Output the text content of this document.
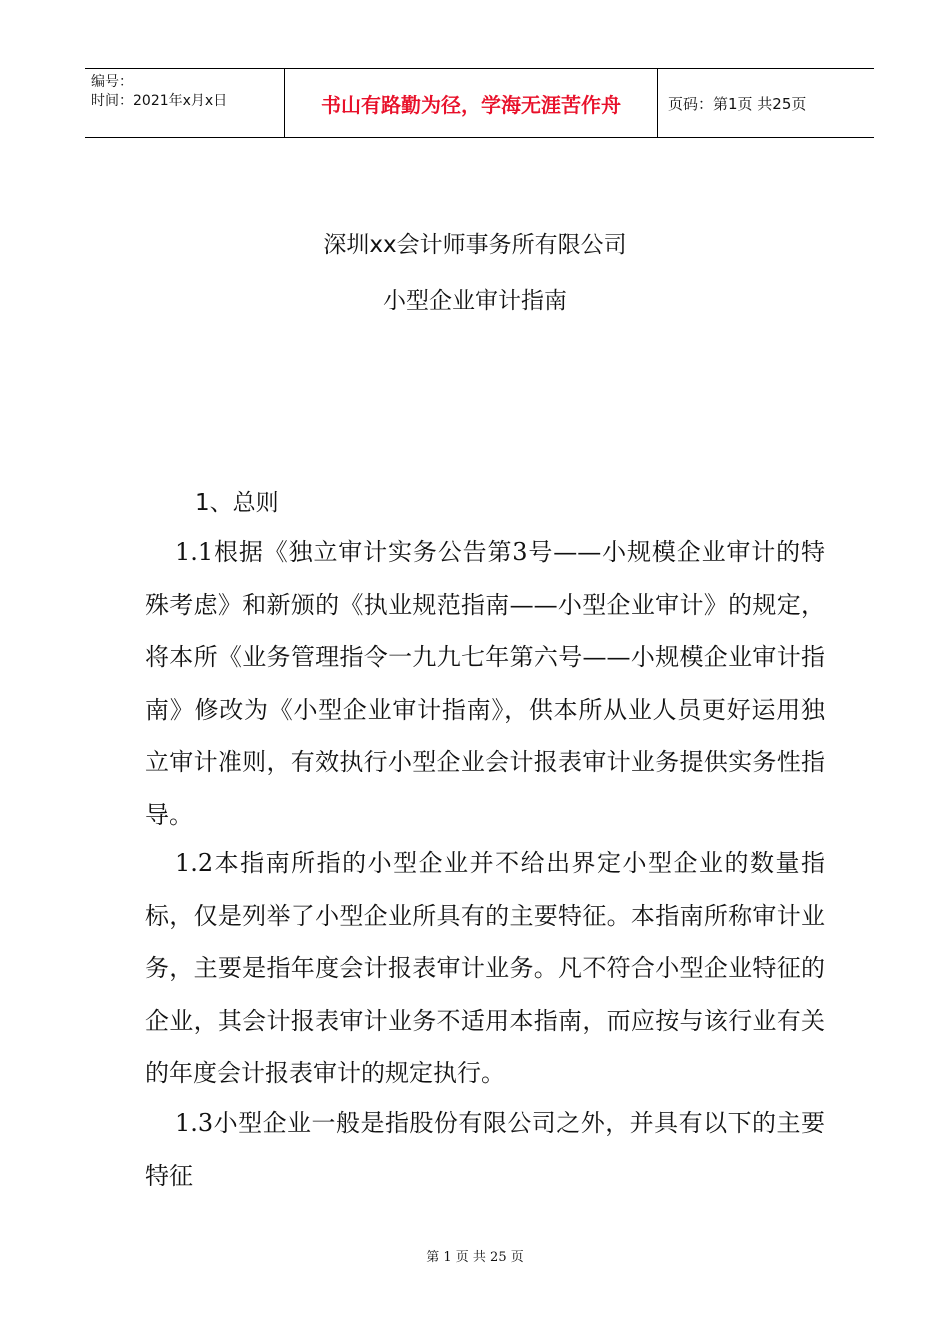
编号：
时间：2021年x月x日	书山有路勤为径，学海无涯苦作舟	页码：第1页 共25页
深圳xx会计师事务所有限公司
小型企业审计指南
1、总则

1.1根据《独立审计实务公告第3号——小规模企业审计的特殊考虑》和新颁的《执业规范指南——小型企业审计》的规定，将本所《业务管理指令一九九七年第六号——小规模企业审计指南》修改为《小型企业审计指南》，供本所从业人员更好运用独立审计准则，有效执行小型企业会计报表审计业务提供实务性指导。

1.2本指南所指的小型企业并不给出界定小型企业的数量指标，仅是列举了小型企业所具有的主要特征。本指南所称审计业务，主要是指年度会计报表审计业务。凡不符合小型企业特征的企业，其会计报表审计业务不适用本指南，而应按与该行业有关的年度会计报表审计的规定执行。

1.3小型企业一般是指股份有限公司之外，并具有以下的主要特征

第 1 页 共 25 页
